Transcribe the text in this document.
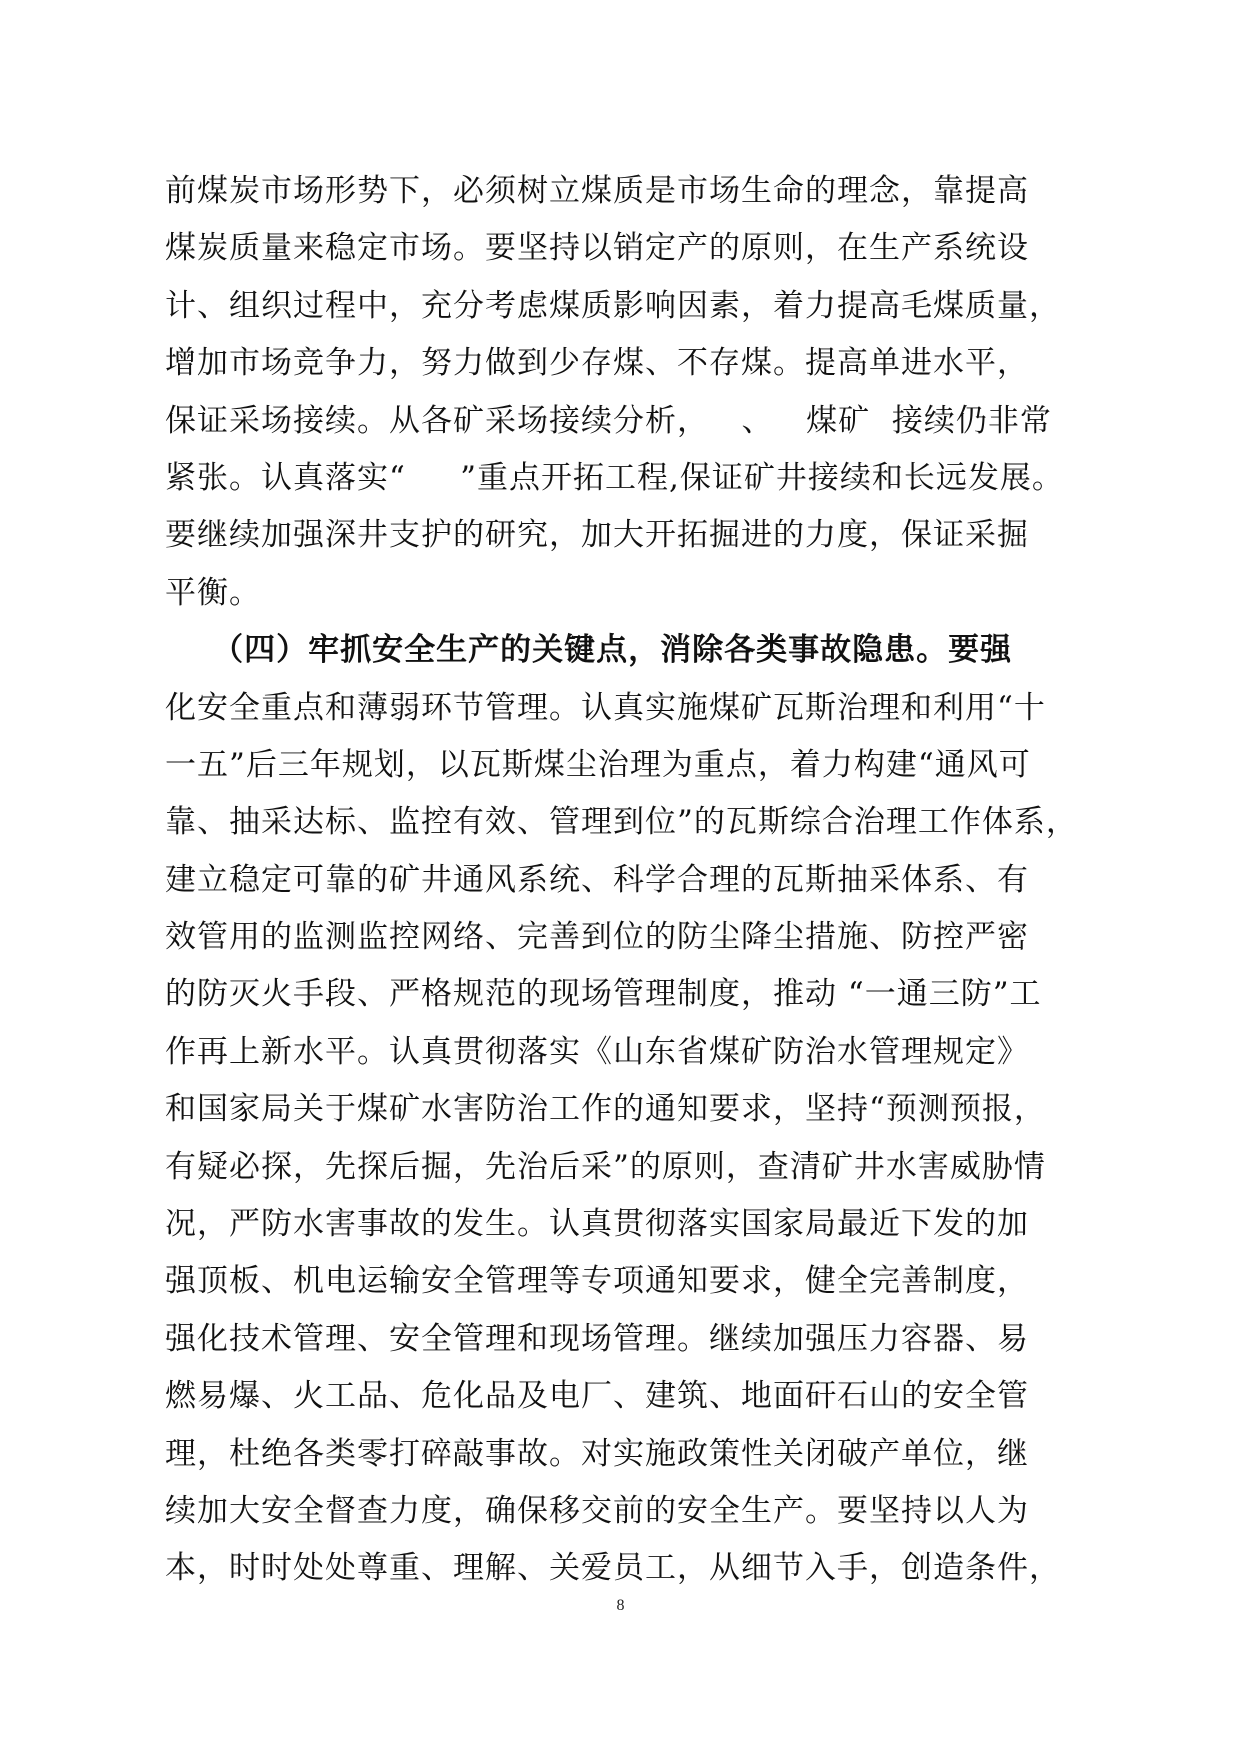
前煤炭市场形势下，必须树立煤质是市场生命的理念，靠提高
煤炭质量来稳定市场。要坚持以销定产的原则，在生产系统设
计、组织过程中，充分考虑煤质影响因素，着力提高毛煤质量，
增加市场竞争力，努力做到少存煤、不存煤。提高单进水平，
保证采场接续。从各矿采场接续分析，   、   煤矿  接续仍非常
紧张。认真落实“     ”重点开拓工程,保证矿井接续和长远发展。
要继续加强深井支护的研究，加大开拓掘进的力度，保证采掘
平衡。
（四）牢抓安全生产的关键点，消除各类事故隐患。要强
化安全重点和薄弱环节管理。认真实施煤矿瓦斯治理和利用“十
一五”后三年规划，以瓦斯煤尘治理为重点，着力构建“通风可
靠、抽采达标、监控有效、管理到位”的瓦斯综合治理工作体系，
建立稳定可靠的矿井通风系统、科学合理的瓦斯抽采体系、有
效管用的监测监控网络、完善到位的防尘降尘措施、防控严密
的防灭火手段、严格规范的现场管理制度，推动 “一通三防”工
作再上新水平。认真贯彻落实《山东省煤矿防治水管理规定》
和国家局关于煤矿水害防治工作的通知要求，坚持“预测预报，
有疑必探，先探后掘，先治后采”的原则，查清矿井水害威胁情
况，严防水害事故的发生。认真贯彻落实国家局最近下发的加
强顶板、机电运输安全管理等专项通知要求，健全完善制度，
强化技术管理、安全管理和现场管理。继续加强压力容器、易
燃易爆、火工品、危化品及电厂、建筑、地面矸石山的安全管
理，杜绝各类零打碎敲事故。对实施政策性关闭破产单位，继
续加大安全督查力度，确保移交前的安全生产。要坚持以人为
本，时时处处尊重、理解、关爱员工，从细节入手，创造条件，
8
